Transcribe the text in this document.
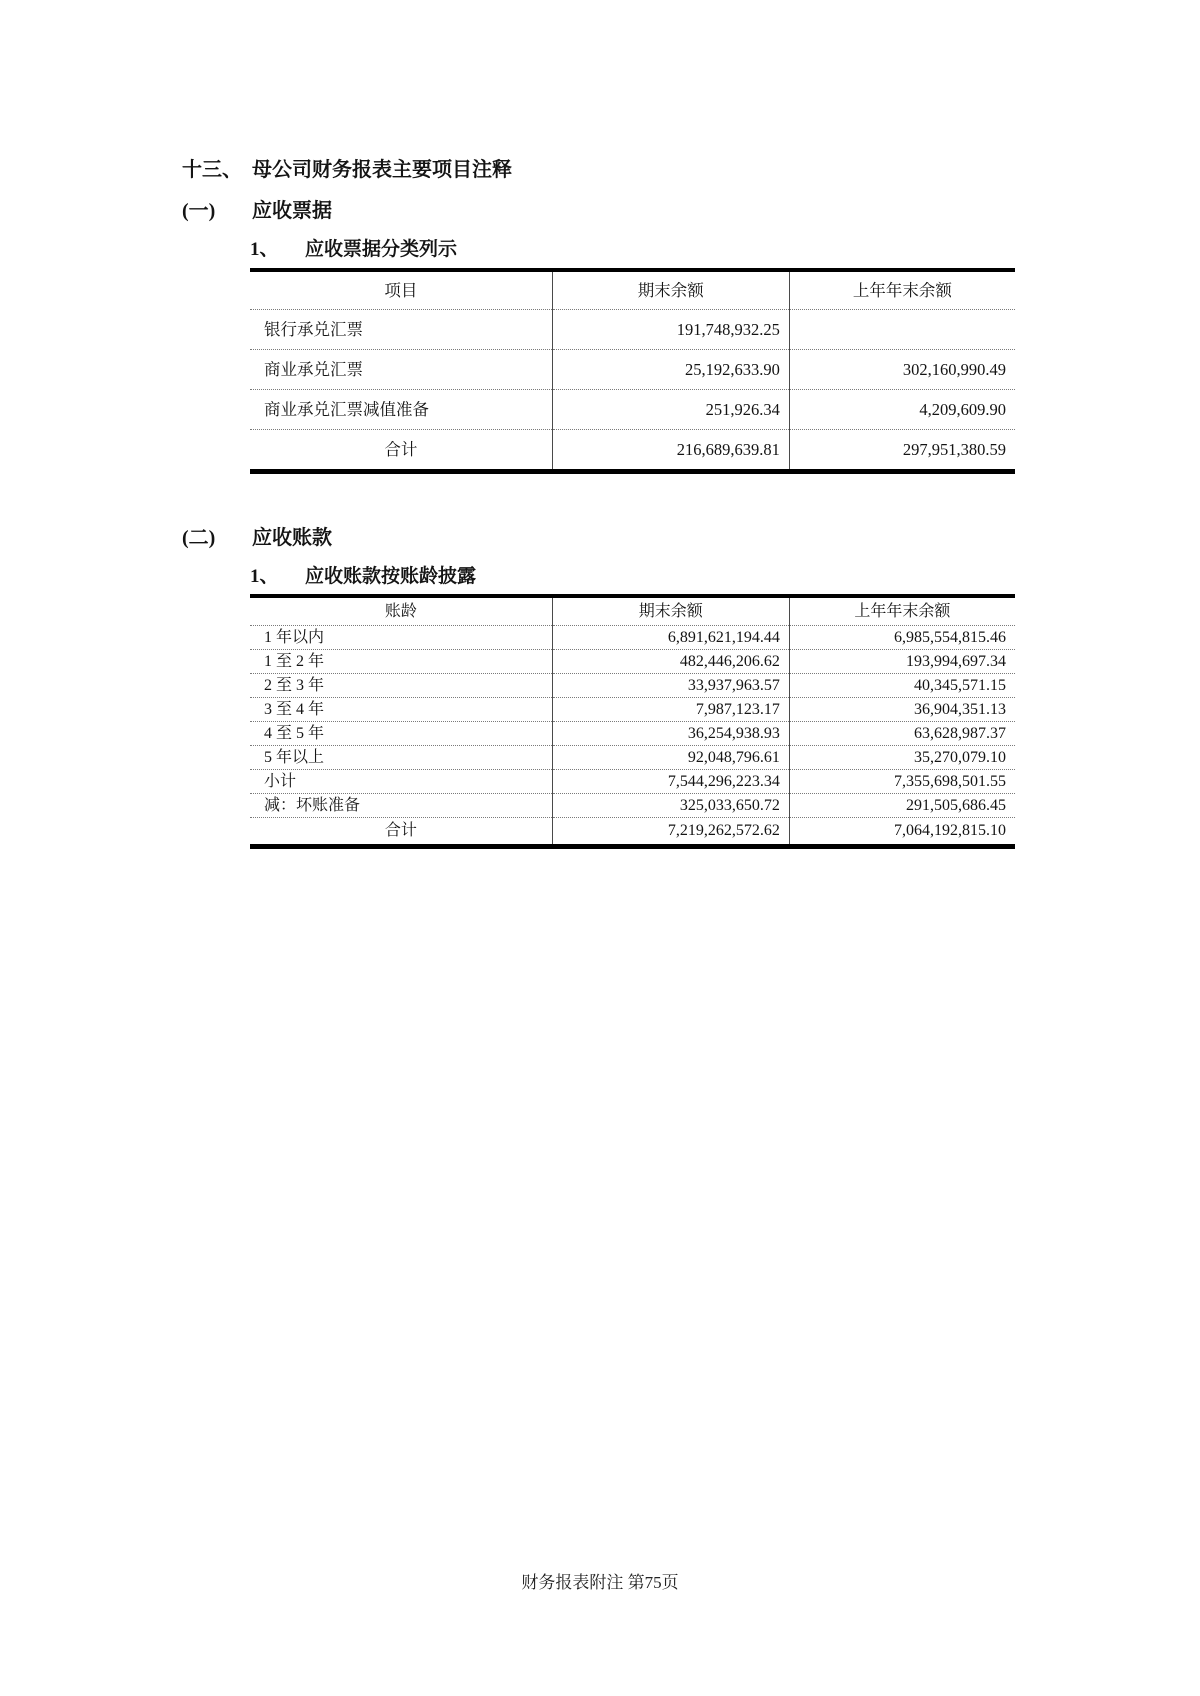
十三、 母公司财务报表主要项目注释
(一)	应收票据
1、	应收票据分类列示
项目	期末余额	上年年末余额
银行承兑汇票	191,748,932.25	
商业承兑汇票	25,192,633.90	302,160,990.49
商业承兑汇票减值准备	251,926.34	4,209,609.90
合计	216,689,639.81	297,951,380.59
(二)	应收账款
1、	应收账款按账龄披露
账龄	期末余额	上年年末余额
1 年以内	6,891,621,194.44	6,985,554,815.46
1 至 2 年	482,446,206.62	193,994,697.34
2 至 3 年	33,937,963.57	40,345,571.15
3 至 4 年	7,987,123.17	36,904,351.13
4 至 5 年	36,254,938.93	63,628,987.37
5 年以上	92,048,796.61	35,270,079.10
小计	7,544,296,223.34	7,355,698,501.55
减：坏账准备	325,033,650.72	291,505,686.45
合计	7,219,262,572.62	7,064,192,815.10
财务报表附注 第75页
